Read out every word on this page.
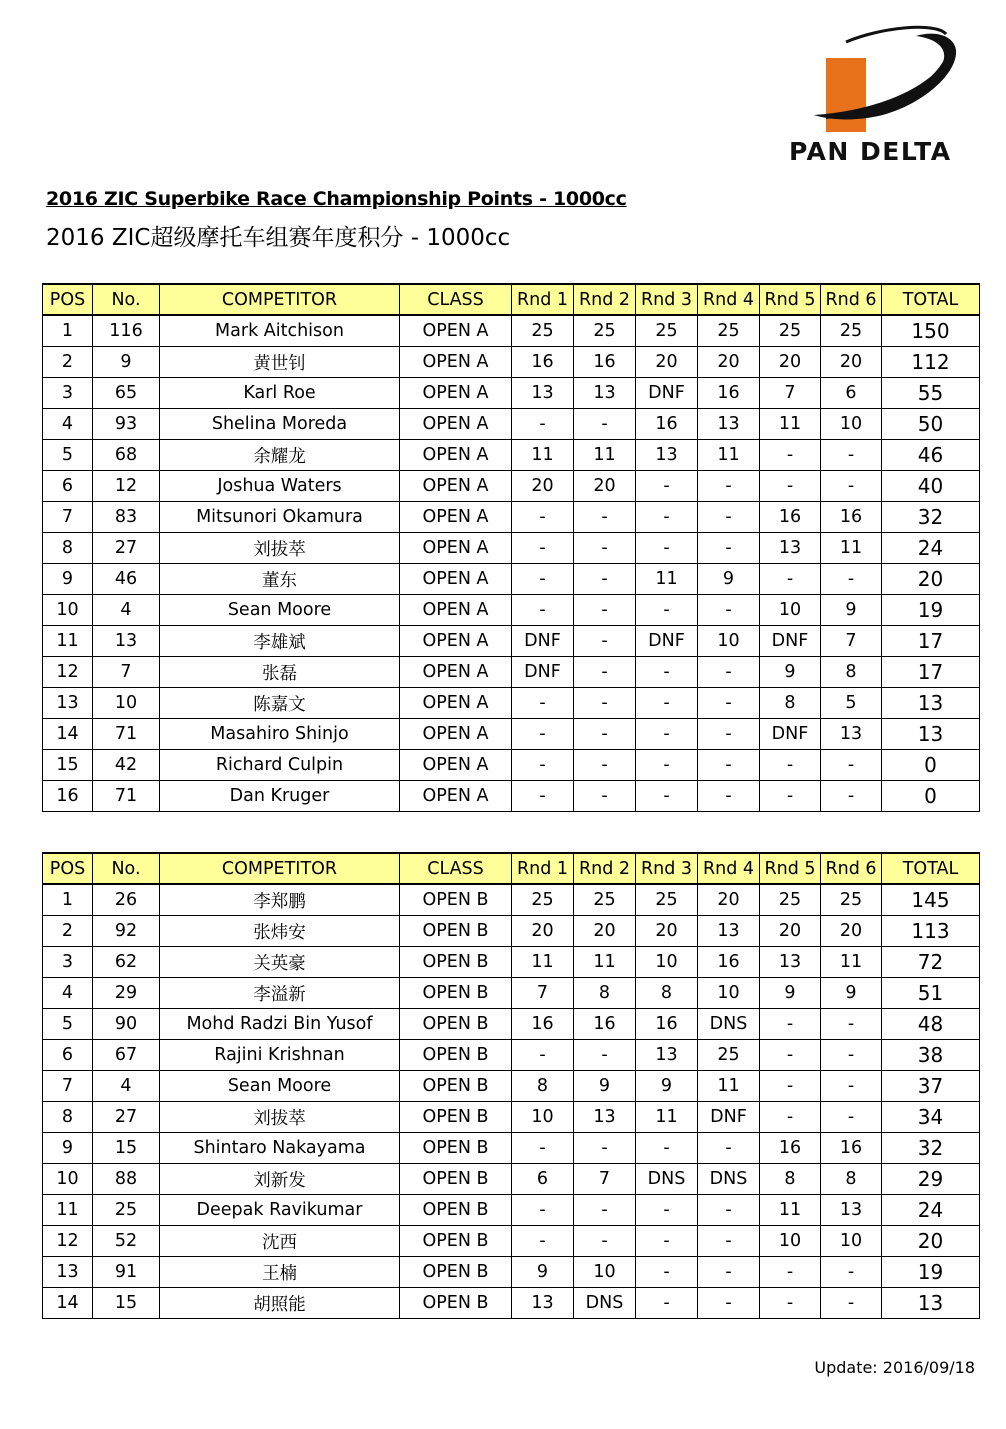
PAN DELTA
2016 ZIC Superbike Race Championship Points - 1000cc
2016 ZIC超级摩托车组赛年度积分 - 1000cc
POS	No.	COMPETITOR	CLASS	Rnd 1	Rnd 2	Rnd 3	Rnd 4	Rnd 5	Rnd 6	TOTAL
1	116	Mark Aitchison	OPEN A	25	25	25	25	25	25	150
2	9	黄世钊	OPEN A	16	16	20	20	20	20	112
3	65	Karl Roe	OPEN A	13	13	DNF	16	7	6	55
4	93	Shelina Moreda	OPEN A	-	-	16	13	11	10	50
5	68	余耀龙	OPEN A	11	11	13	11	-	-	46
6	12	Joshua Waters	OPEN A	20	20	-	-	-	-	40
7	83	Mitsunori Okamura	OPEN A	-	-	-	-	16	16	32
8	27	刘拔萃	OPEN A	-	-	-	-	13	11	24
9	46	董东	OPEN A	-	-	11	9	-	-	20
10	4	Sean Moore	OPEN A	-	-	-	-	10	9	19
11	13	李雄斌	OPEN A	DNF	-	DNF	10	DNF	7	17
12	7	张磊	OPEN A	DNF	-	-	-	9	8	17
13	10	陈嘉文	OPEN A	-	-	-	-	8	5	13
14	71	Masahiro Shinjo	OPEN A	-	-	-	-	DNF	13	13
15	42	Richard Culpin	OPEN A	-	-	-	-	-	-	0
16	71	Dan Kruger	OPEN A	-	-	-	-	-	-	0
POS	No.	COMPETITOR	CLASS	Rnd 1	Rnd 2	Rnd 3	Rnd 4	Rnd 5	Rnd 6	TOTAL
1	26	李郑鹏	OPEN B	25	25	25	20	25	25	145
2	92	张炜安	OPEN B	20	20	20	13	20	20	113
3	62	关英豪	OPEN B	11	11	10	16	13	11	72
4	29	李溢新	OPEN B	7	8	8	10	9	9	51
5	90	Mohd Radzi Bin Yusof	OPEN B	16	16	16	DNS	-	-	48
6	67	Rajini Krishnan	OPEN B	-	-	13	25	-	-	38
7	4	Sean Moore	OPEN B	8	9	9	11	-	-	37
8	27	刘拔萃	OPEN B	10	13	11	DNF	-	-	34
9	15	Shintaro Nakayama	OPEN B	-	-	-	-	16	16	32
10	88	刘新发	OPEN B	6	7	DNS	DNS	8	8	29
11	25	Deepak Ravikumar	OPEN B	-	-	-	-	11	13	24
12	52	沈西	OPEN B	-	-	-	-	10	10	20
13	91	王楠	OPEN B	9	10	-	-	-	-	19
14	15	胡照能	OPEN B	13	DNS	-	-	-	-	13
Update: 2016/09/18
